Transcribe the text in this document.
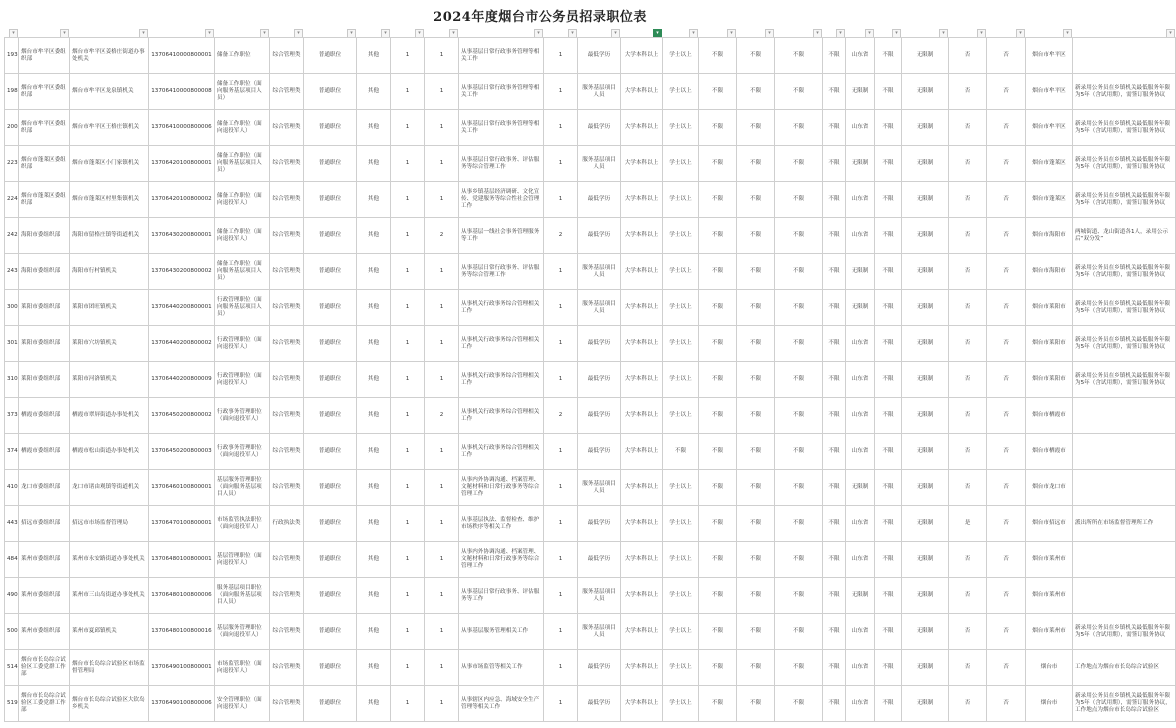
2024年度烟台市公务员招录职位表
▾	▾	▾	▾	▾	▾	▾	▾	▾	▾	▾	▾	▾	▾	▾	▾	▾	▾	▾	▾	▾	▾	▾	▾	▾	▾
193	烟台市牟平区委组织部	烟台市牟平区姜格庄街道办事处机关	13706410000800001	储备工作职位	综合管理类	普通职位	其他	1	1	从事基层日常行政事务管理等相关工作	1	最低学历	大学本科以上	学士以上	不限	不限	不限	不限	山东省	不限	无限制	否	否	烟台市牟平区	
198	烟台市牟平区委组织部	烟台市牟平区龙泉镇机关	13706410000800008	储备工作职位（面向服务基层项目人员）	综合管理类	普通职位	其他	1	1	从事基层日常行政事务管理等相关工作	1	服务基层项目人员	大学本科以上	学士以上	不限	不限	不限	不限	无限制	不限	无限制	否	否	烟台市牟平区	新录用公务员在乡镇机关最低服务年限为5年（含试用期），需签订服务协议
200	烟台市牟平区委组织部	烟台市牟平区王格庄镇机关	13706410000800006	储备工作职位（面向退役军人）	综合管理类	普通职位	其他	1	1	从事基层日常行政事务管理等相关工作	1	最低学历	大学本科以上	学士以上	不限	不限	不限	不限	山东省	不限	无限制	否	否	烟台市牟平区	新录用公务员在乡镇机关最低服务年限为5年（含试用期），需签订服务协议
223	烟台市蓬莱区委组织部	烟台市蓬莱区小门家镇机关	13706420100800001	储备工作职位（面向服务基层项目人员）	综合管理类	普通职位	其他	1	1	从事基层日常行政事务、评估服务等综合管理工作	1	服务基层项目人员	大学本科以上	学士以上	不限	不限	不限	不限	无限制	不限	无限制	否	否	烟台市蓬莱区	新录用公务员在乡镇机关最低服务年限为5年（含试用期），需签订服务协议
224	烟台市蓬莱区委组织部	烟台市蓬莱区村里集镇机关	13706420100800002	储备工作职位（面向退役军人）	综合管理类	普通职位	其他	1	1	从事乡镇基层经济调研、文化宣传、党建服务等综合性社会管理工作	1	最低学历	大学本科以上	学士以上	不限	不限	不限	不限	山东省	不限	无限制	否	否	烟台市蓬莱区	新录用公务员在乡镇机关最低服务年限为5年（含试用期），需签订服务协议
242	海阳市委组织部	海阳市留格庄镇等街道机关	13706430200800001	储备工作职位（面向退役军人）	综合管理类	普通职位	其他	1	2	从事基层一线社会事务管理服务等工作	2	最低学历	大学本科以上	学士以上	不限	不限	不限	不限	山东省	不限	无限制	否	否	烟台市海阳市	两城街道、龙山街道各1人，录用公示后“双分发”
243	海阳市委组织部	海阳市行村镇机关	13706430200800002	储备工作职位（面向服务基层项目人员）	综合管理类	普通职位	其他	1	1	从事基层日常行政事务、评估服务等综合管理工作	1	服务基层项目人员	大学本科以上	学士以上	不限	不限	不限	不限	无限制	不限	无限制	否	否	烟台市海阳市	新录用公务员在乡镇机关最低服务年限为5年（含试用期），需签订服务协议
300	莱阳市委组织部	莱阳市团旺镇机关	13706440200800001	行政管理职位（面向服务基层项目人员）	综合管理类	普通职位	其他	1	1	从事机关行政事务综合管理相关工作	1	服务基层项目人员	大学本科以上	学士以上	不限	不限	不限	不限	无限制	不限	无限制	否	否	烟台市莱阳市	新录用公务员在乡镇机关最低服务年限为5年（含试用期），需签订服务协议
301	莱阳市委组织部	莱阳市穴坊镇机关	13706440200800002	行政管理职位（面向退役军人）	综合管理类	普通职位	其他	1	1	从事机关行政事务综合管理相关工作	1	最低学历	大学本科以上	学士以上	不限	不限	不限	不限	山东省	不限	无限制	否	否	烟台市莱阳市	新录用公务员在乡镇机关最低服务年限为5年（含试用期），需签订服务协议
310	莱阳市委组织部	莱阳市河洛镇机关	13706440200800009	行政管理职位（面向退役军人）	综合管理类	普通职位	其他	1	1	从事机关行政事务综合管理相关工作	1	最低学历	大学本科以上	学士以上	不限	不限	不限	不限	山东省	不限	无限制	否	否	烟台市莱阳市	新录用公务员在乡镇机关最低服务年限为5年（含试用期），需签订服务协议
373	栖霞市委组织部	栖霞市翠屏街道办事处机关	13706450200800002	行政事务管理职位（面向退役军人）	综合管理类	普通职位	其他	1	2	从事机关行政事务综合管理相关工作	2	最低学历	大学本科以上	学士以上	不限	不限	不限	不限	山东省	不限	无限制	否	否	烟台市栖霞市	
374	栖霞市委组织部	栖霞市松山街道办事处机关	13706450200800003	行政事务管理职位（面向退役军人）	综合管理类	普通职位	其他	1	1	从事机关行政事务综合管理相关工作	1	最低学历	大学本科以上	不限	不限	不限	不限	不限	山东省	不限	无限制	否	否	烟台市栖霞市	
410	龙口市委组织部	龙口市诸由观镇等街道机关	13706460100800001	基层服务管理职位（面向服务基层项目人员）	综合管理类	普通职位	其他	1	1	从事内外协调沟通、档案管理、文秘材料和日常行政事务等综合管理工作	1	服务基层项目人员	大学本科以上	学士以上	不限	不限	不限	不限	无限制	不限	无限制	否	否	烟台市龙口市	
443	招远市委组织部	招远市市场监督管理局	13706470100800001	市场监管执法职位（面向退役军人）	行政执法类	普通职位	其他	1	1	从事基层执法、监督检查、维护市场秩序等相关工作	1	最低学历	大学本科以上	学士以上	不限	不限	不限	不限	山东省	不限	无限制	是	否	烟台市招远市	派出所所在市场监督管理所工作
484	莱州市委组织部	莱州市永安路街道办事处机关	13706480100800001	基层管理职位（面向退役军人）	综合管理类	普通职位	其他	1	1	从事内外协调沟通、档案管理、文秘材料和日常行政事务等综合管理工作	1	最低学历	大学本科以上	学士以上	不限	不限	不限	不限	山东省	不限	无限制	否	否	烟台市莱州市	
490	莱州市委组织部	莱州市三山岛街道办事处机关	13706480100800006	服务基层项目职位（面向服务基层项目人员）	综合管理类	普通职位	其他	1	1	从事基层日常行政事务、评估服务等工作	1	服务基层项目人员	大学本科以上	学士以上	不限	不限	不限	不限	无限制	不限	无限制	否	否	烟台市莱州市	
500	莱州市委组织部	莱州市夏邱镇机关	13706480100800016	基层服务管理职位（面向退役军人）	综合管理类	普通职位	其他	1	1	从事基层服务管理相关工作	1	服务基层项目人员	大学本科以上	学士以上	不限	不限	不限	不限	山东省	不限	无限制	否	否	烟台市莱州市	新录用公务员在乡镇机关最低服务年限为5年（含试用期），需签订服务协议
514	烟台市长岛综合试验区工委党群工作部	烟台市长岛综合试验区市场监督管理局	13706490100800001	市场监管职位（面向退役军人）	综合管理类	普通职位	其他	1	1	从事市场监管等相关工作	1	最低学历	大学本科以上	学士以上	不限	不限	不限	不限	山东省	不限	无限制	否	否	烟台市	工作地点为烟台市长岛综合试验区
519	烟台市长岛综合试验区工委党群工作部	烟台市长岛综合试验区大钦岛乡机关	13706490100800006	安全管理职位（面向退役军人）	综合管理类	普通职位	其他	1	1	从事辖区内应急、海域安全生产管理等相关工作	1	最低学历	大学本科以上	学士以上	不限	不限	不限	不限	山东省	不限	无限制	否	否	烟台市	新录用公务员在乡镇机关最低服务年限为5年（含试用期），需签订服务协议，工作地点为烟台市长岛综合试验区
